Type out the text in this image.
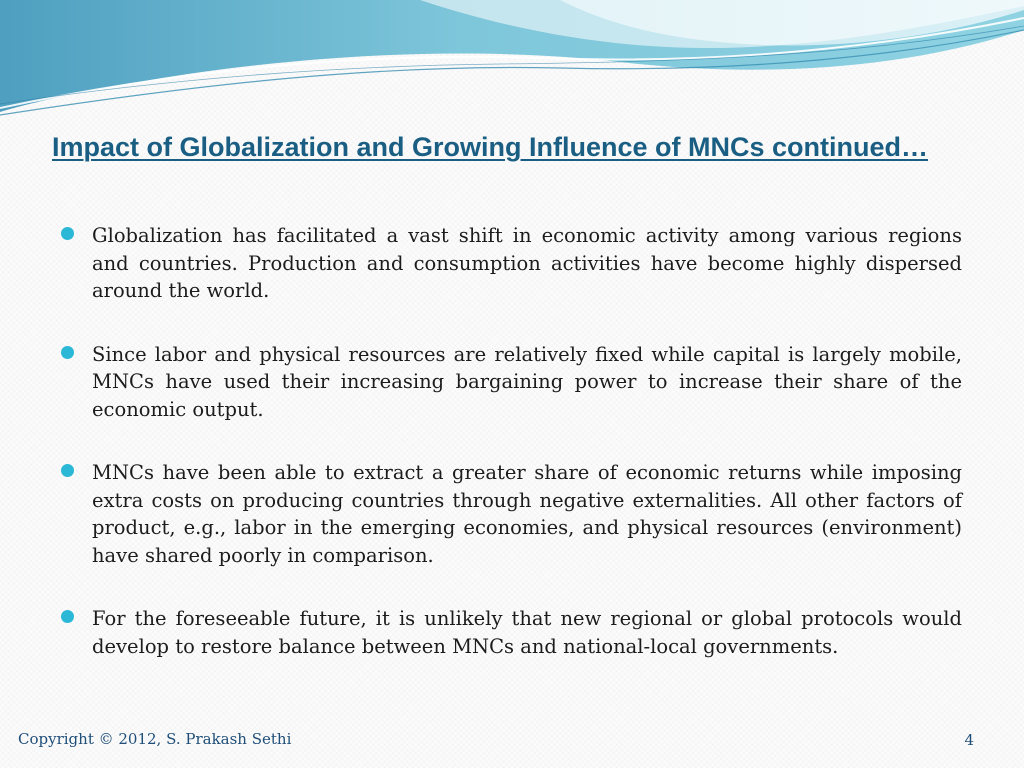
Impact of Globalization and Growing Influence of MNCs continued…
Globalization has facilitated a vast shift in economic activity among various regions and countries. Production and consumption activities have become highly dispersed around the world.
Since labor and physical resources are relatively fixed while capital is largely mobile, MNCs have used their increasing bargaining power to increase their share of the economic output.
MNCs have been able to extract a greater share of economic returns while imposing extra costs on producing countries through negative externalities. All other factors of product, e.g., labor in the emerging economies, and physical resources (environment) have shared poorly in comparison.
For the foreseeable future, it is unlikely that new regional or global protocols would develop to restore balance between MNCs and national-local governments.
Copyright © 2012, S. Prakash Sethi	4
